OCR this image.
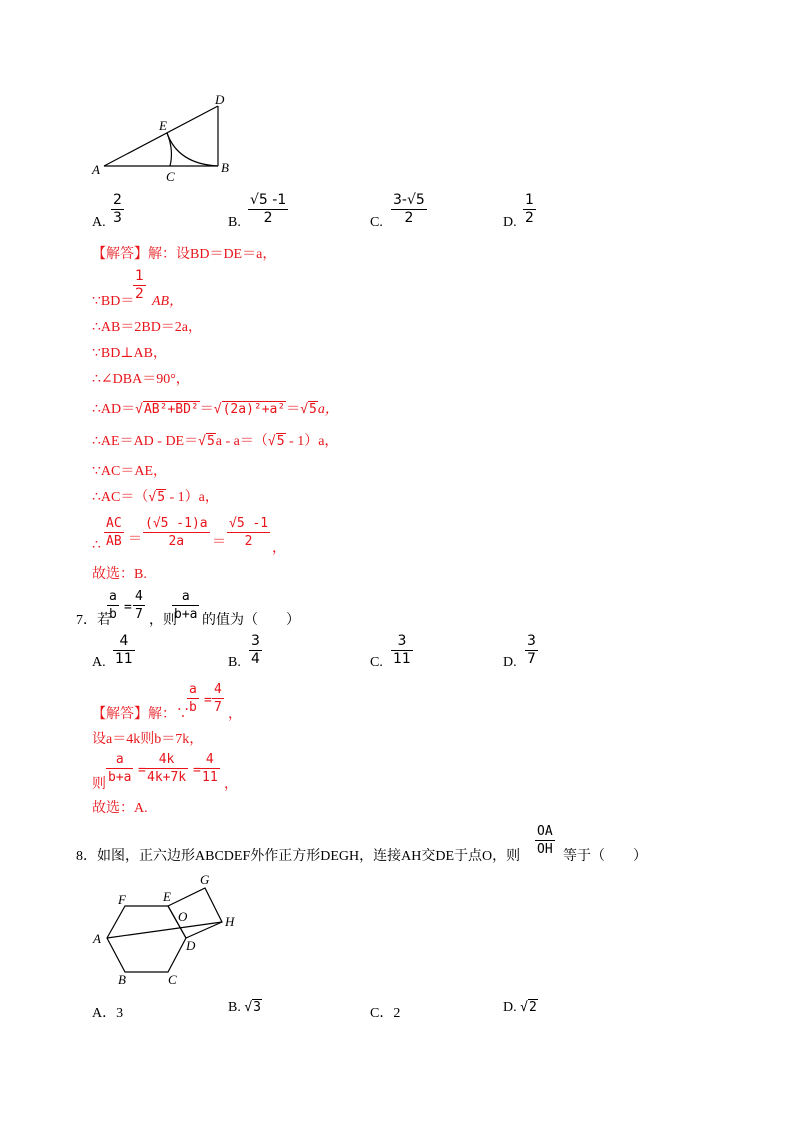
A	C
B
E
D
A. $\frac{2}{3}$	B. $\frac{√5 -1}{2}$	C. $\frac{3-√5}{2}$	D. $\frac{1}{2}$
【解答】解：设BD＝DE＝a，
∵BD＝
$\frac{1}{2}$ AB，
∴AB＝2BD＝2a，
∵BD⊥AB，
∴∠DBA＝90°，
∴AD＝√AB²+BD²＝√(2a)²+a²＝√5a，
∴AE＝AD - DE＝√5a - a＝（√5 - 1）a，
∵AC＝AE，
∴AC＝（√5 - 1）a，
∴ $\frac{AC}{AB} = \frac{(√5 -1)a}{2a} = \frac{√5 -1}{2}$ ，
故选：B.
7．若
$\frac{a}{b} = \frac{4}{7}$ ，则
$\frac{a}{b+a}$ 的值为（　　）
A. $\frac{4}{11}$	B. $\frac{3}{4}$	C. $\frac{3}{11}$	D. $\frac{3}{7}$
【解答】解：∵
$\frac{a}{b} = \frac{4}{7}$ ，
设a＝4k则b＝7k，
则 $\frac{a}{b+a} = \frac{4k}{4k+7k} = \frac{4}{11}$ ，
故选：A.
8．如图，正六边形ABCDEF外作正方形DEGH，连接AH交DE于点O，则 $\frac{OA}{OH}$ 等于（　　）
F	E
G
O	H
A	D
B	C
A．3	B. √3	C．2	D. √2
